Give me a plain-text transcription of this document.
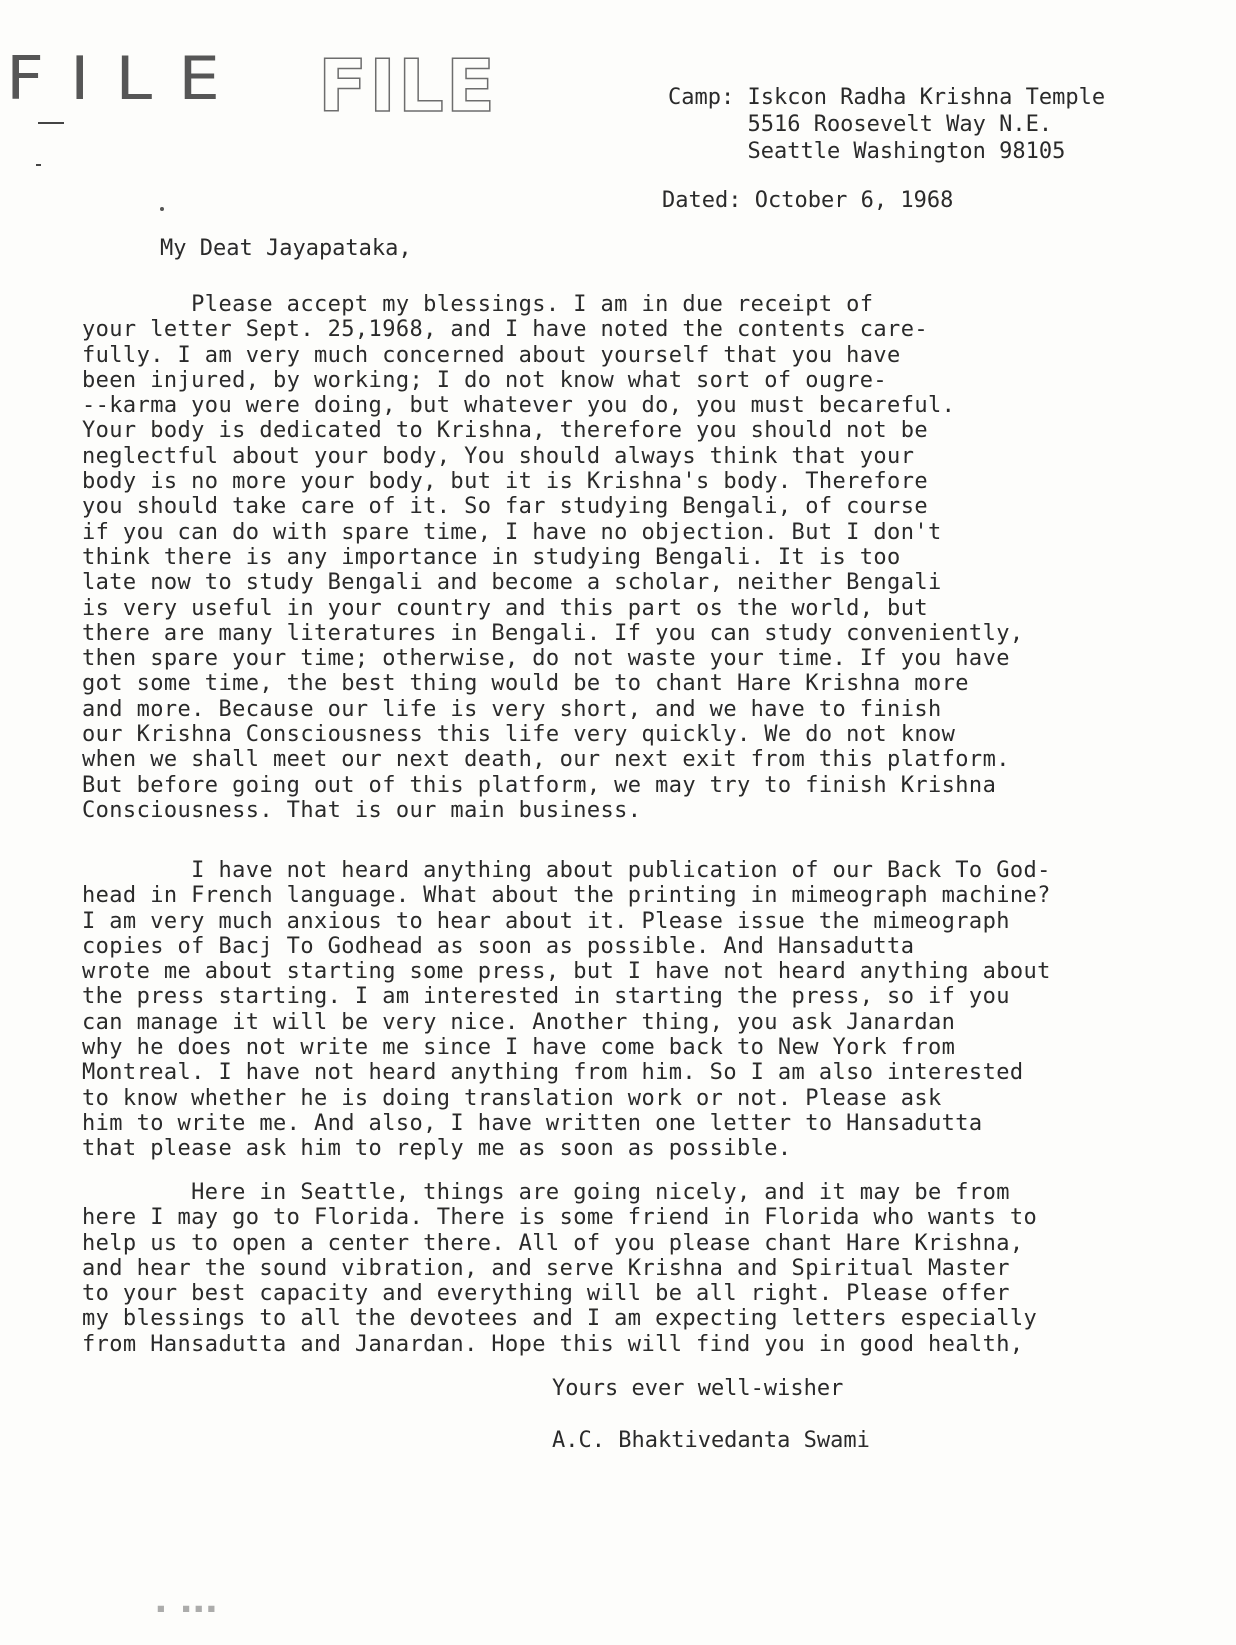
FILE FILE	Camp: Iskcon Radha Krishna Temple
5516 Roosevelt Way N.E.
Seattle Washington 98105
Dated: October 6, 1968
My Deat Jayapataka,
Please accept my blessings. I am in due receipt of
your letter Sept. 25,1968, and I have noted the contents care-
fully. I am very much concerned about yourself that you have
been injured, by working; I do not know what sort of ougre-
--karma you were doing, but whatever you do, you must becareful.
Your body is dedicated to Krishna, therefore you should not be
neglectful about your body, You should always think that your
body is no more your body, but it is Krishna's body. Therefore
you should take care of it. So far studying Bengali, of course
if you can do with spare time, I have no objection. But I don't
think there is any importance in studying Bengali. It is too
late now to study Bengali and become a scholar, neither Bengali
is very useful in your country and this part os the world, but
there are many literatures in Bengali. If you can study conveniently,
then spare your time; otherwise, do not waste your time. If you have
got some time, the best thing would be to chant Hare Krishna more
and more. Because our life is very short, and we have to finish
our Krishna Consciousness this life very quickly. We do not know
when we shall meet our next death, our next exit from this platform.
But before going out of this platform, we may try to finish Krishna
Consciousness. That is our main business.
I have not heard anything about publication of our Back To God-
head in French language. What about the printing in mimeograph machine?
I am very much anxious to hear about it. Please issue the mimeograph
copies of Bacj To Godhead as soon as possible. And Hansadutta
wrote me about starting some press, but I have not heard anything about
the press starting. I am interested in starting the press, so if you
can manage it will be very nice. Another thing, you ask Janardan
why he does not write me since I have come back to New York from
Montreal. I have not heard anything from him. So I am also interested
to know whether he is doing translation work or not. Please ask
him to write me. And also, I have written one letter to Hansadutta
that please ask him to reply me as soon as possible.
Here in Seattle, things are going nicely, and it may be from
here I may go to Florida. There is some friend in Florida who wants to
help us to open a center there. All of you please chant Hare Krishna,
and hear the sound vibration, and serve Krishna and Spiritual Master
to your best capacity and everything will be all right. Please offer
my blessings to all the devotees and I am expecting letters especially
from Hansadutta and Janardan. Hope this will find you in good health,
Yours ever well-wisher
A.C. Bhaktivedanta Swami
▪ ▪▪▪
